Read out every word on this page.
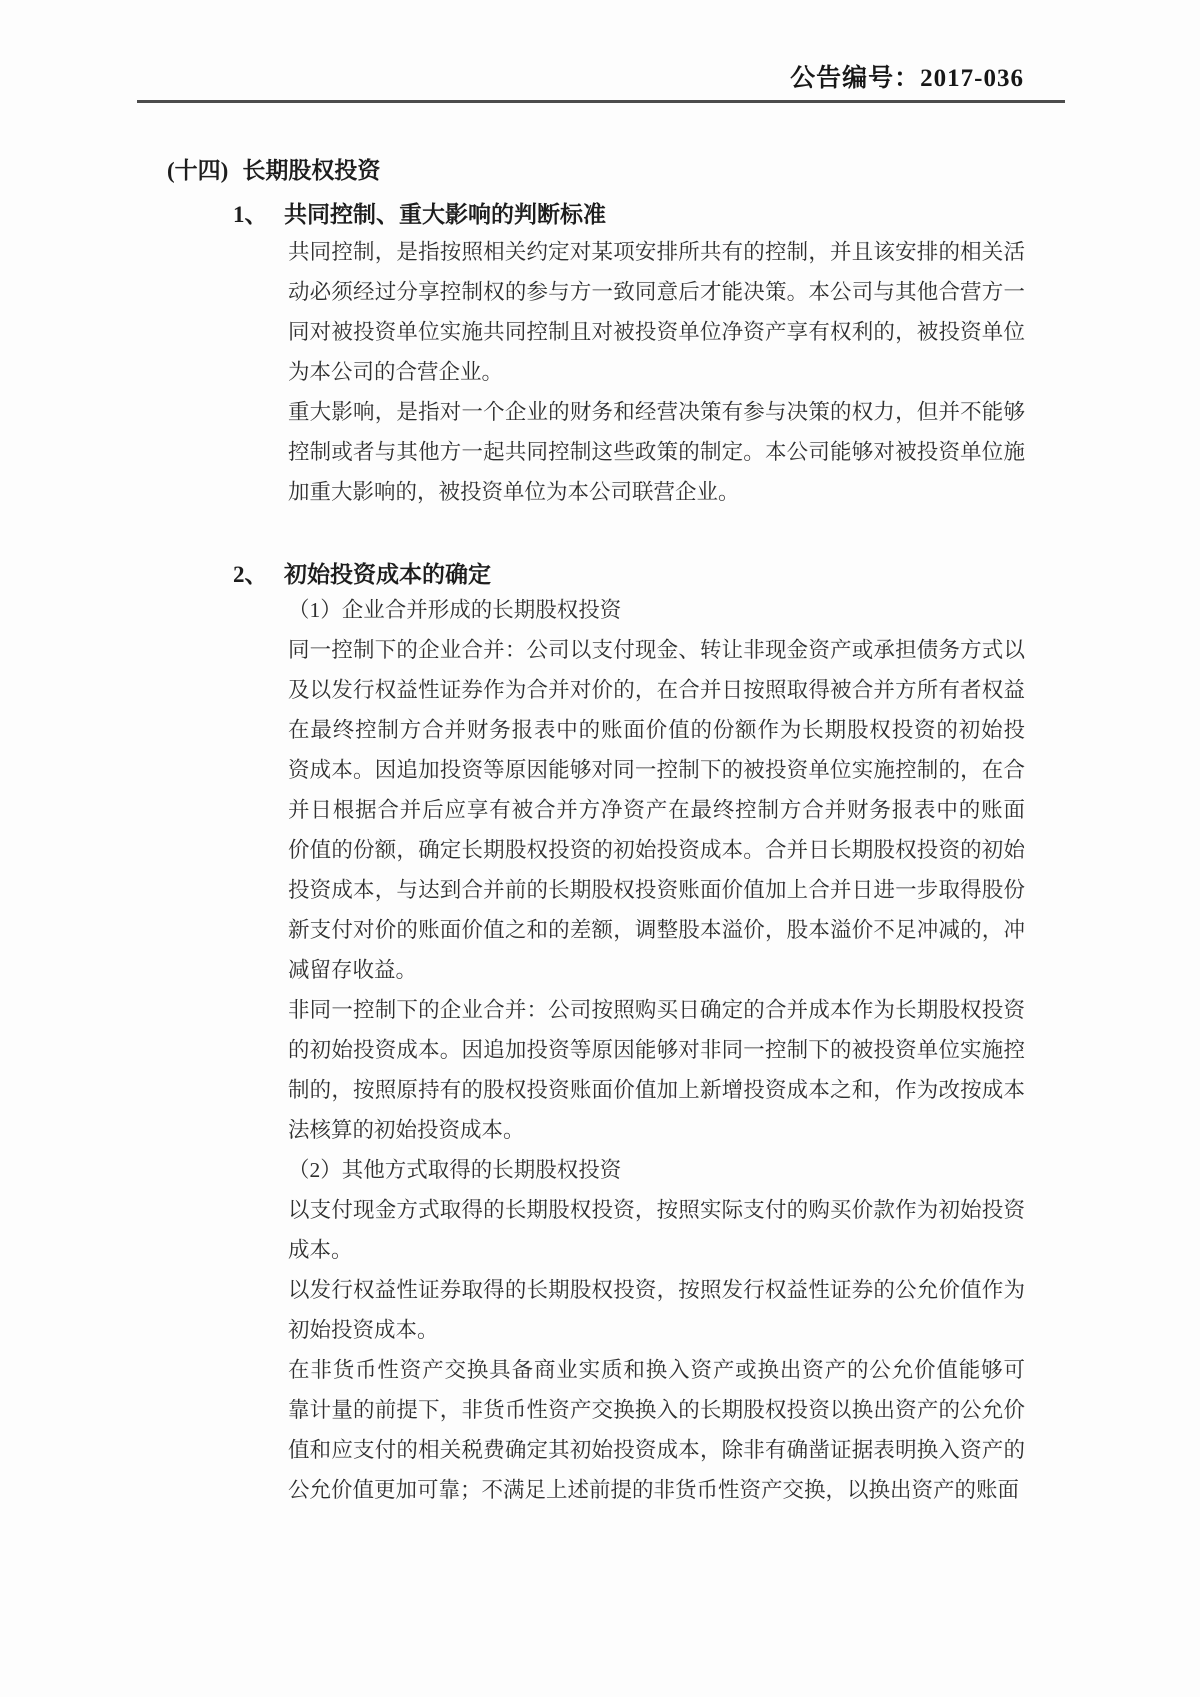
公告编号：2017-036
(十四) 长期股权投资
1、 共同控制、重大影响的判断标准
共同控制，是指按照相关约定对某项安排所共有的控制，并且该安排的相关活
动必须经过分享控制权的参与方一致同意后才能决策。本公司与其他合营方一
同对被投资单位实施共同控制且对被投资单位净资产享有权利的，被投资单位
为本公司的合营企业。
重大影响，是指对一个企业的财务和经营决策有参与决策的权力，但并不能够
控制或者与其他方一起共同控制这些政策的制定。本公司能够对被投资单位施
加重大影响的，被投资单位为本公司联营企业。
2、 初始投资成本的确定
（1）企业合并形成的长期股权投资
同一控制下的企业合并：公司以支付现金、转让非现金资产或承担债务方式以
及以发行权益性证券作为合并对价的，在合并日按照取得被合并方所有者权益
在最终控制方合并财务报表中的账面价值的份额作为长期股权投资的初始投
资成本。因追加投资等原因能够对同一控制下的被投资单位实施控制的，在合
并日根据合并后应享有被合并方净资产在最终控制方合并财务报表中的账面
价值的份额，确定长期股权投资的初始投资成本。合并日长期股权投资的初始
投资成本，与达到合并前的长期股权投资账面价值加上合并日进一步取得股份
新支付对价的账面价值之和的差额，调整股本溢价，股本溢价不足冲减的，冲
减留存收益。
非同一控制下的企业合并：公司按照购买日确定的合并成本作为长期股权投资
的初始投资成本。因追加投资等原因能够对非同一控制下的被投资单位实施控
制的，按照原持有的股权投资账面价值加上新增投资成本之和，作为改按成本
法核算的初始投资成本。
（2）其他方式取得的长期股权投资
以支付现金方式取得的长期股权投资，按照实际支付的购买价款作为初始投资
成本。
以发行权益性证券取得的长期股权投资，按照发行权益性证券的公允价值作为
初始投资成本。
在非货币性资产交换具备商业实质和换入资产或换出资产的公允价值能够可
靠计量的前提下，非货币性资产交换换入的长期股权投资以换出资产的公允价
值和应支付的相关税费确定其初始投资成本，除非有确凿证据表明换入资产的
公允价值更加可靠；不满足上述前提的非货币性资产交换，以换出资产的账面
